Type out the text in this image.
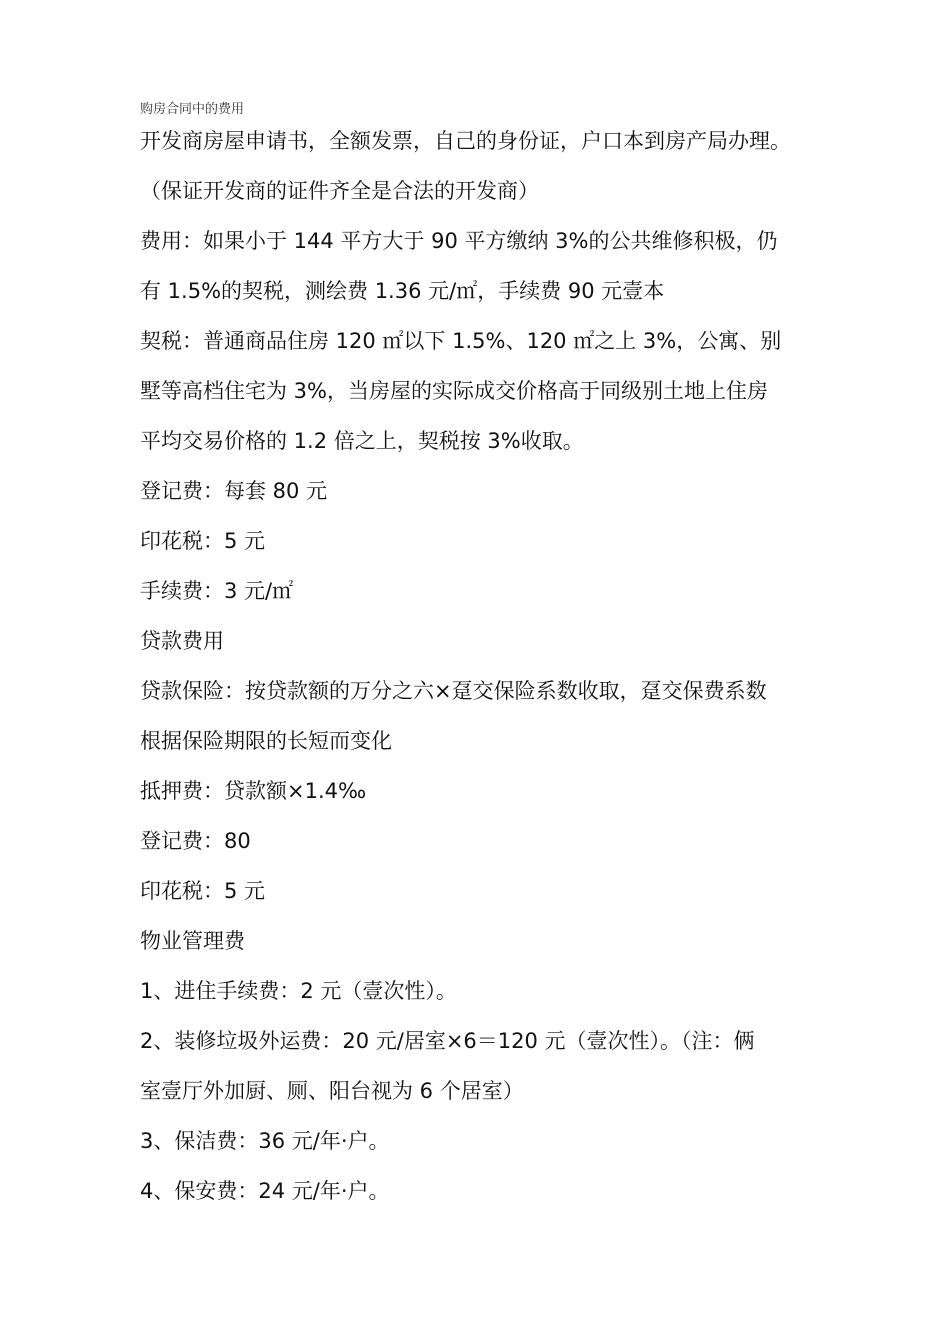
购房合同中的费用
开发商房屋申请书，全额发票，自己的身份证，户口本到房产局办理。
（保证开发商的证件齐全是合法的开发商）
费用：如果小于 144 平方大于 90 平方缴纳 3%的公共维修积极，仍
有 1.5%的契税，测绘费 1.36 元/㎡，手续费 90 元壹本
契税：普通商品住房 120 ㎡以下 1.5%、120 ㎡之上 3%，公寓、别
墅等高档住宅为 3%，当房屋的实际成交价格高于同级别土地上住房
平均交易价格的 1.2 倍之上，契税按 3%收取。
登记费：每套 80 元
印花税：5 元
手续费：3 元/㎡
贷款费用
贷款保险：按贷款额的万分之六×趸交保险系数收取，趸交保费系数
根据保险期限的长短而变化
抵押费：贷款额×1.4‰
登记费：80
印花税：5 元
物业管理费
1、进住手续费：2 元（壹次性）。
2、装修垃圾外运费：20 元/居室×6＝120 元（壹次性）。（注：俩
室壹厅外加厨、厕、阳台视为 6 个居室）
3、保洁费：36 元/年·户。
4、保安费：24 元/年·户。
